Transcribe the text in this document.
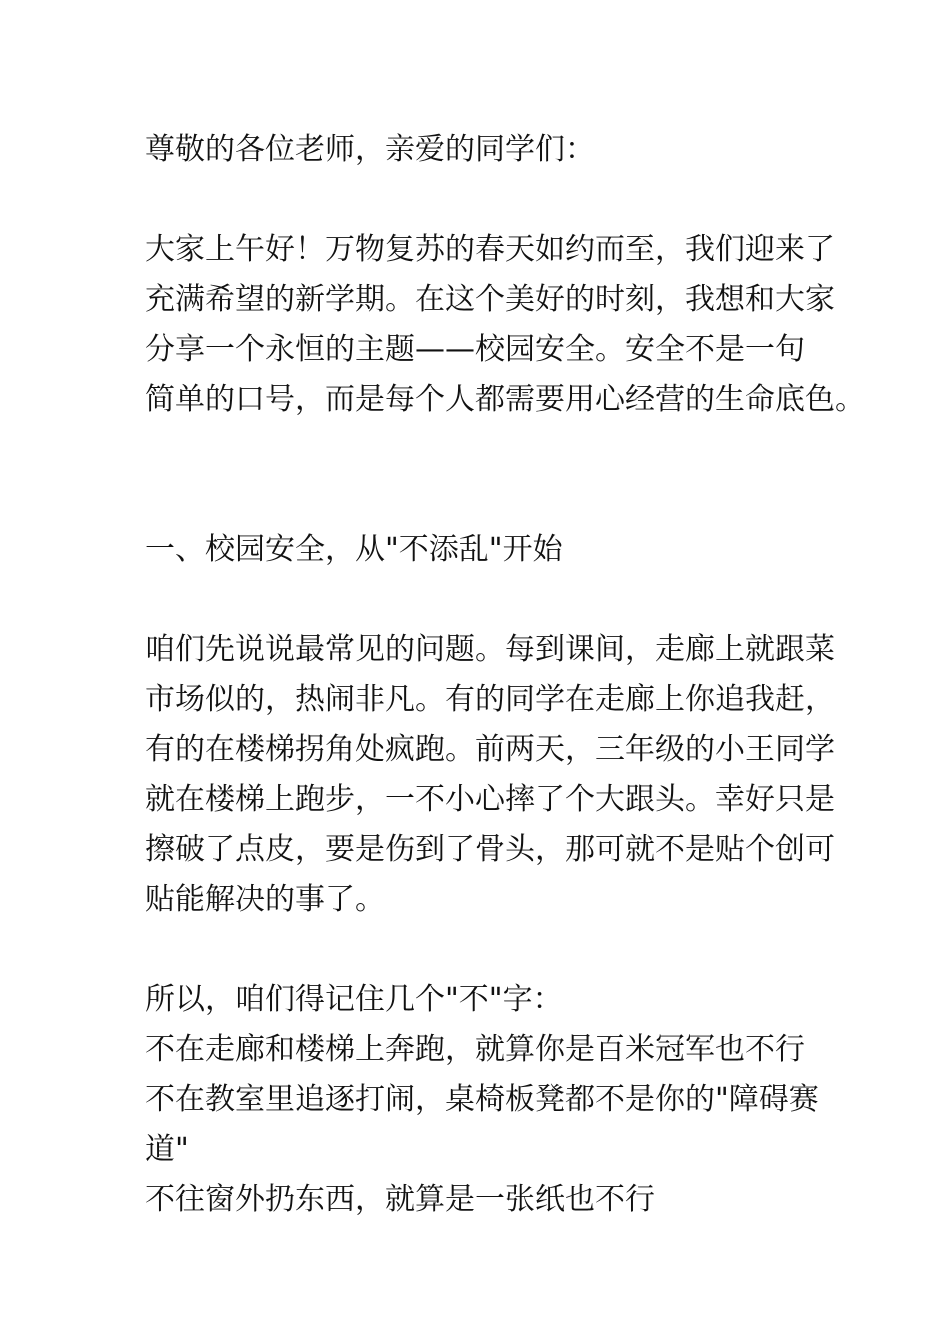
尊敬的各位老师，亲爱的同学们：
大家上午好！万物复苏的春天如约而至，我们迎来了
充满希望的新学期。在这个美好的时刻，我想和大家
分享一个永恒的主题——校园安全。安全不是一句
简单的口号，而是每个人都需要用心经营的生命底色。
一、校园安全，从"不添乱"开始
咱们先说说最常见的问题。每到课间，走廊上就跟菜
市场似的，热闹非凡。有的同学在走廊上你追我赶，
有的在楼梯拐角处疯跑。前两天，三年级的小王同学
就在楼梯上跑步，一不小心摔了个大跟头。幸好只是
擦破了点皮，要是伤到了骨头，那可就不是贴个创可
贴能解决的事了。
所以，咱们得记住几个"不"字：
不在走廊和楼梯上奔跑，就算你是百米冠军也不行
不在教室里追逐打闹，桌椅板凳都不是你的"障碍赛
道"
不往窗外扔东西，就算是一张纸也不行
